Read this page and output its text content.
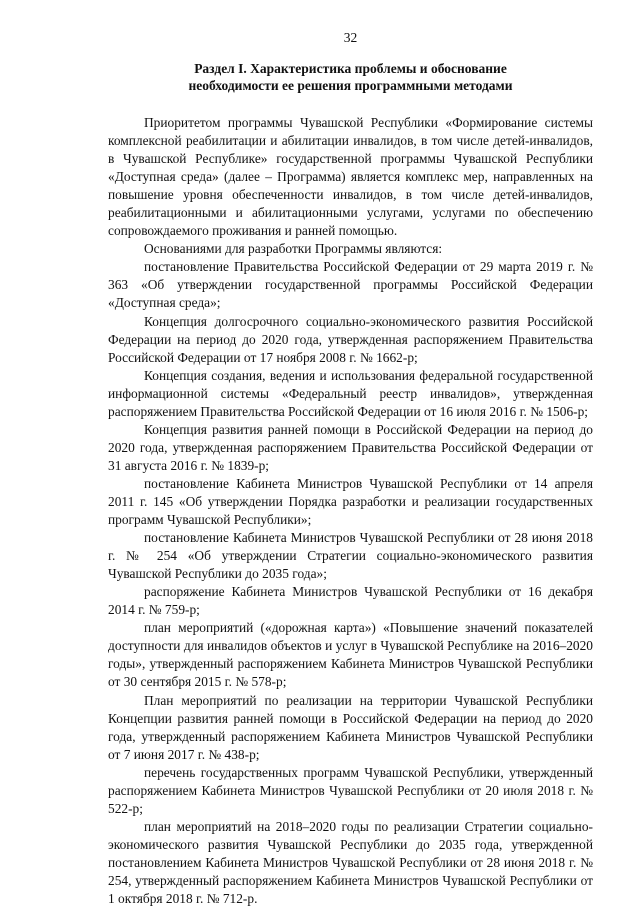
32
Раздел I. Характеристика проблемы и обоснование
необходимости ее решения программными методами

Приоритетом программы Чувашской Республики «Формирование системы комплексной реабилитации и абилитации инвалидов, в том числе детей-инвалидов, в Чувашской Республике» государственной программы Чувашской Республики «Доступная среда» (далее – Программа) является комплекс мер, направленных на повышение уровня обеспеченности инвалидов, в том числе детей-инвалидов, реабилитационными и абилитационными услугами, услугами по обеспечению сопровождаемого проживания и ранней помощью.

Основаниями для разработки Программы являются:

постановление Правительства Российской Федерации от 29 марта 2019 г. № 363 «Об утверждении государственной программы Российской Федерации «Доступная среда»;

Концепция долгосрочного социально-экономического развития Российской Федерации на период до 2020 года, утвержденная распоряжением Правительства Российской Федерации от 17 ноября 2008 г. № 1662-р;

Концепция создания, ведения и использования федеральной государственной информационной системы «Федеральный реестр инвалидов», утвержденная распоряжением Правительства Российской Федерации от 16 июля 2016 г. № 1506-р;

Концепция развития ранней помощи в Российской Федерации на период до 2020 года, утвержденная распоряжением Правительства Российской Федерации от 31 августа 2016 г. № 1839-р;

постановление Кабинета Министров Чувашской Республики от 14 апреля 2011 г. 145 «Об утверждении Порядка разработки и реализации государственных программ Чувашской Республики»;

постановление Кабинета Министров Чувашской Республики от 28 июня 2018 г. № 254 «Об утверждении Стратегии социально-экономического развития Чувашской Республики до 2035 года»;

распоряжение Кабинета Министров Чувашской Республики от 16 декабря 2014 г. № 759-р;

план мероприятий («дорожная карта») «Повышение значений показателей доступности для инвалидов объектов и услуг в Чувашской Республике на 2016–2020 годы», утвержденный распоряжением Кабинета Министров Чувашской Республики от 30 сентября 2015 г. № 578-р;

План мероприятий по реализации на территории Чувашской Республики Концепции развития ранней помощи в Российской Федерации на период до 2020 года, утвержденный распоряжением Кабинета Министров Чувашской Республики от 7 июня 2017 г. № 438-р;

перечень государственных программ Чувашской Республики, утвержденный распоряжением Кабинета Министров Чувашской Республики от 20 июля 2018 г. № 522-р;

план мероприятий на 2018–2020 годы по реализации Стратегии социально-экономического развития Чувашской Республики до 2035 года, утвержденной постановлением Кабинета Министров Чувашской Республики от 28 июня 2018 г. № 254, утвержденный распоряжением Кабинета Министров Чувашской Республики от 1 октября 2018 г. № 712-р.
